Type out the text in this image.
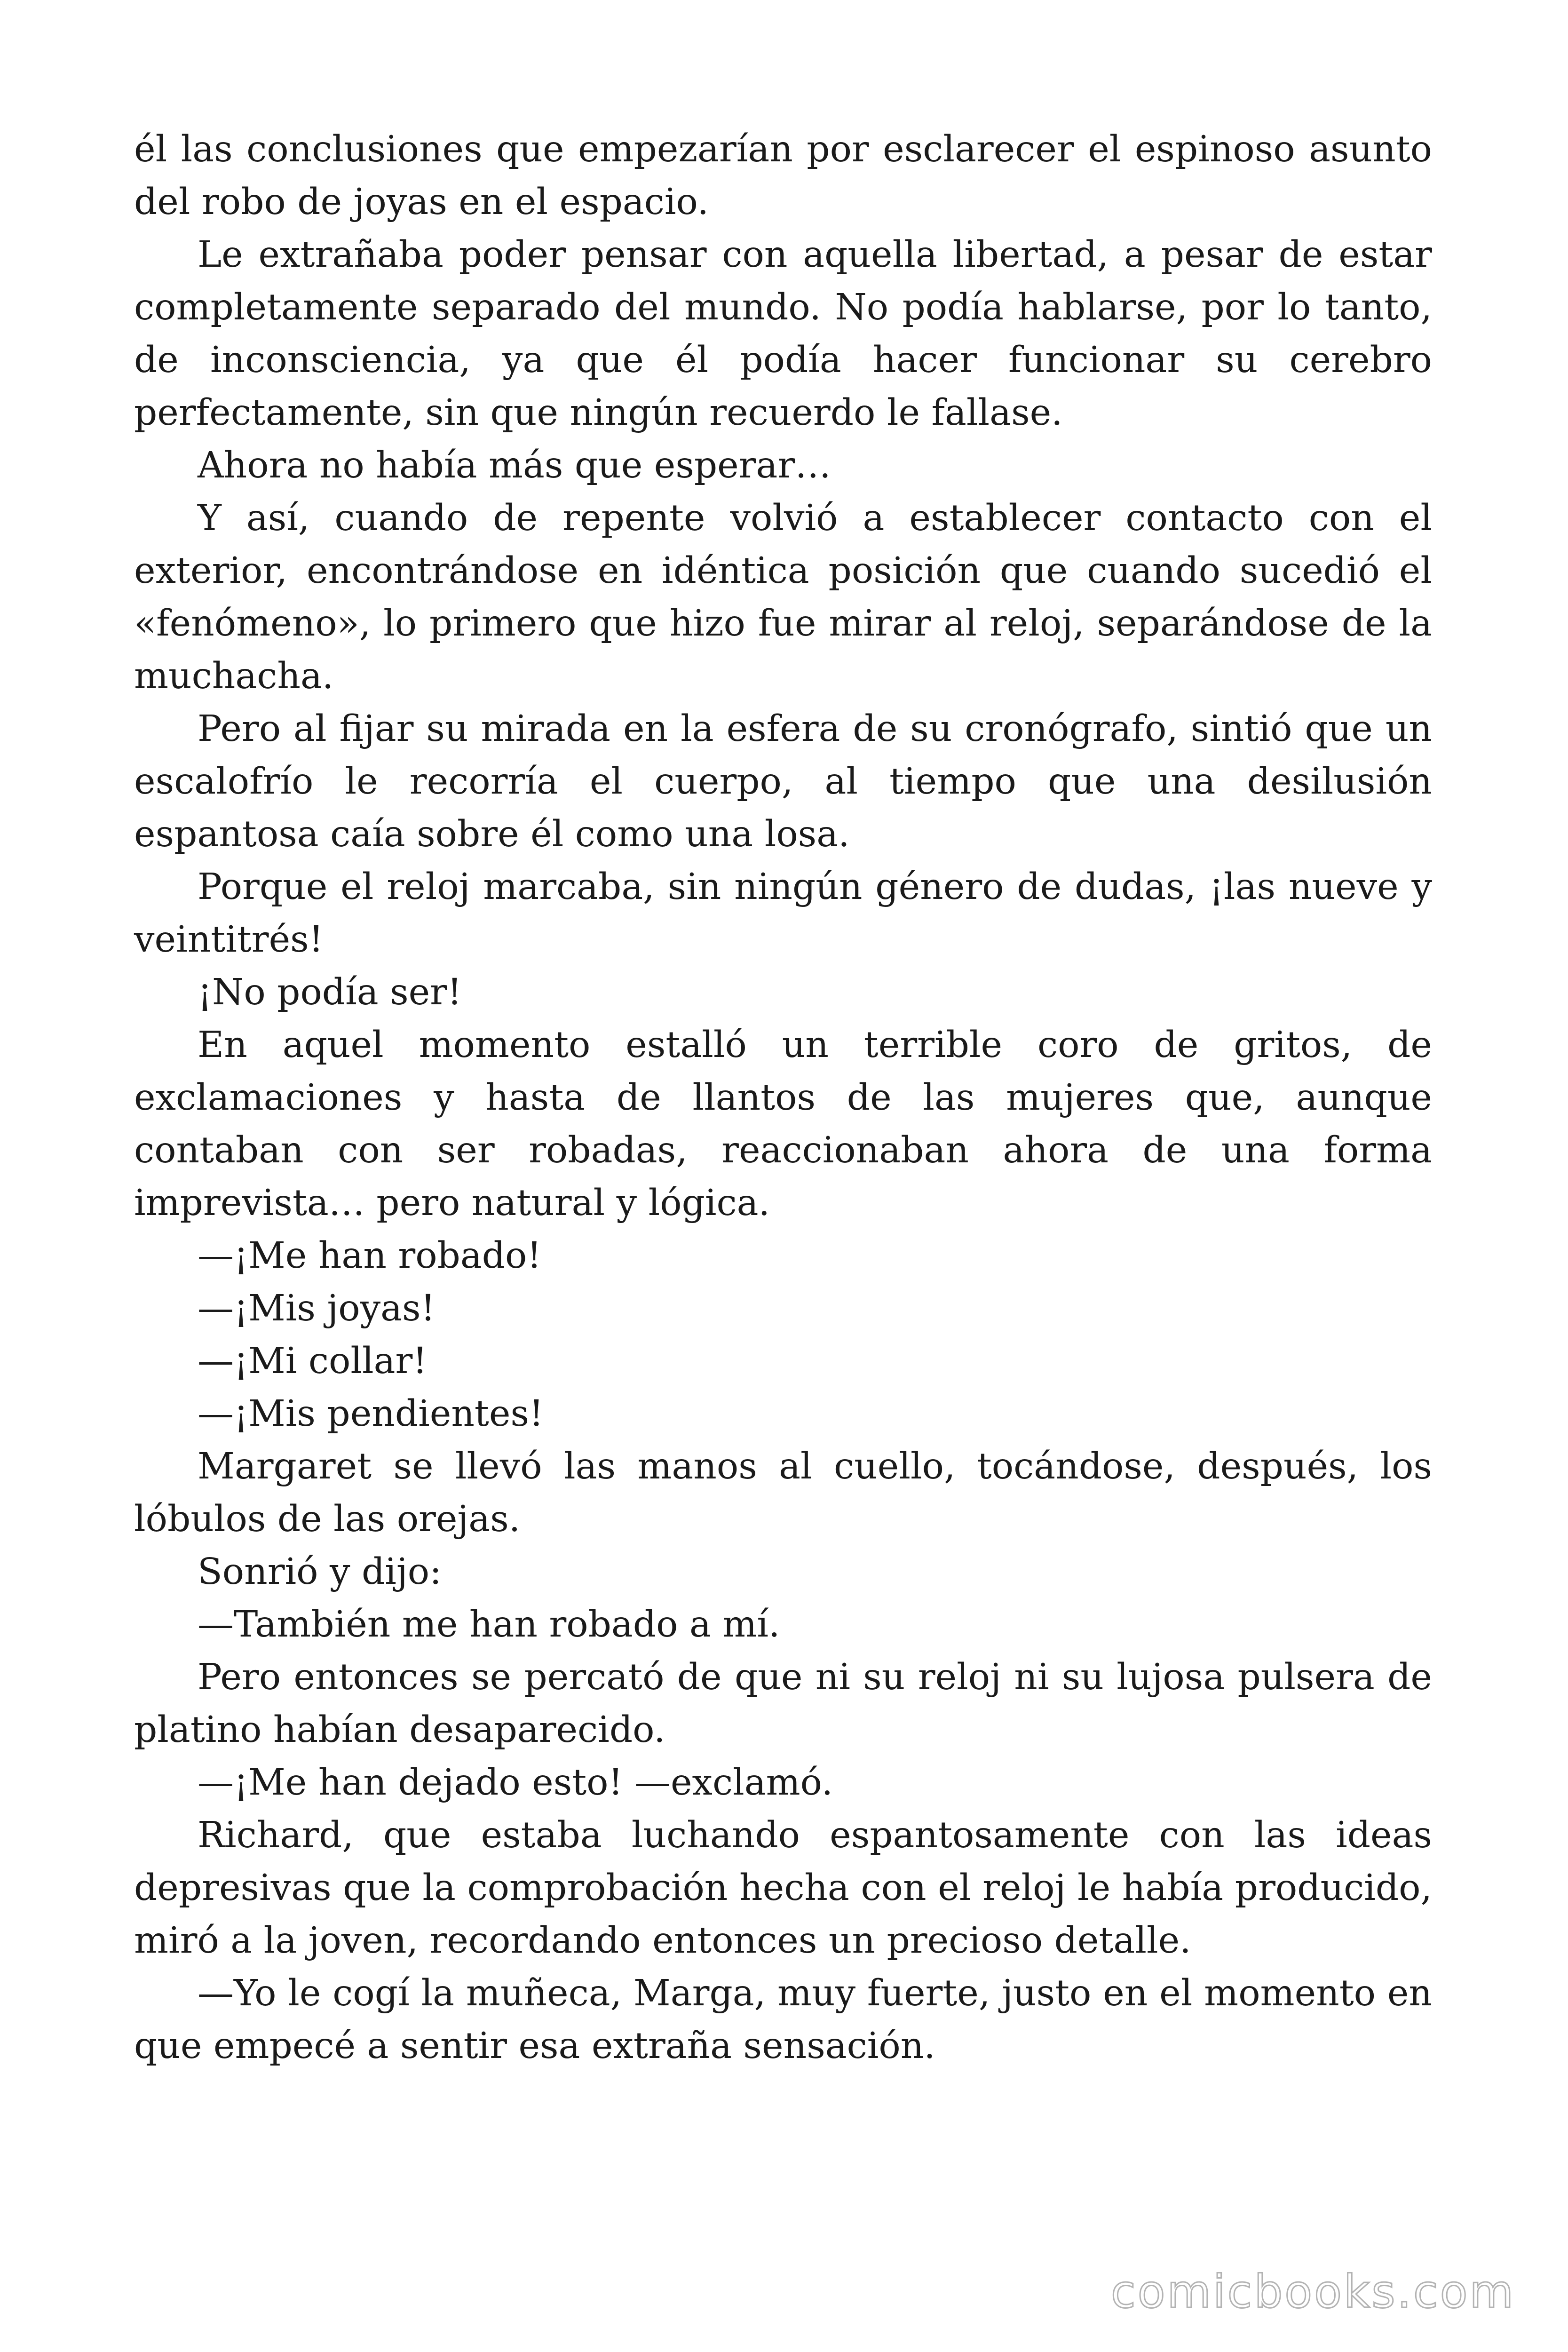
él las conclusiones que empezarían por esclarecer el espinoso asunto del robo de joyas en el espacio.

Le extrañaba poder pensar con aquella libertad, a pesar de estar completamente separado del mundo. No podía hablarse, por lo tanto, de inconsciencia, ya que él podía hacer funcionar su cerebro perfectamente, sin que ningún recuerdo le fallase.

Ahora no había más que esperar…

Y así, cuando de repente volvió a establecer contacto con el exterior, encontrándose en idéntica posición que cuando sucedió el «fenómeno», lo primero que hizo fue mirar al reloj, separándose de la muchacha.

Pero al fijar su mirada en la esfera de su cronógrafo, sintió que un escalofrío le recorría el cuerpo, al tiempo que una desilusión espantosa caía sobre él como una losa.

Porque el reloj marcaba, sin ningún género de dudas, ¡las nueve y veintitrés!

¡No podía ser!

En aquel momento estalló un terrible coro de gritos, de exclamaciones y hasta de llantos de las mujeres que, aunque contaban con ser robadas, reaccionaban ahora de una forma imprevista… pero natural y lógica.

—¡Me han robado!

—¡Mis joyas!

—¡Mi collar!

—¡Mis pendientes!

Margaret se llevó las manos al cuello, tocándose, después, los lóbulos de las orejas.

Sonrió y dijo:

—También me han robado a mí.

Pero entonces se percató de que ni su reloj ni su lujosa pulsera de platino habían desaparecido.

—¡Me han dejado esto! —exclamó.

Richard, que estaba luchando espantosamente con las ideas depresivas que la comprobación hecha con el reloj le había producido, miró a la joven, recordando entonces un precioso detalle.

—Yo le cogí la muñeca, Marga, muy fuerte, justo en el momento en que empecé a sentir esa extraña sensación.

comicbooks.com
